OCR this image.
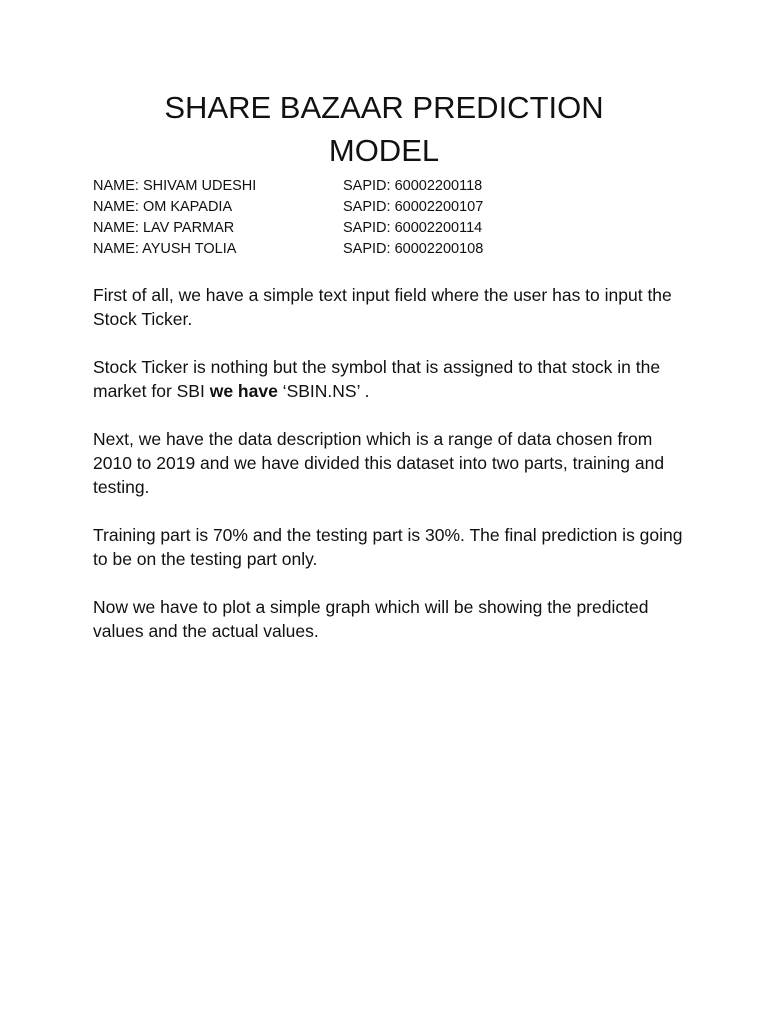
SHARE BAZAAR PREDICTION
MODEL
NAME: SHIVAM UDESHI	SAPID: 60002200118
NAME: OM KAPADIA	SAPID: 60002200107
NAME: LAV PARMAR	SAPID: 60002200114
NAME: AYUSH TOLIA	SAPID: 60002200108

First of all, we have a simple text input field where the user has to input the Stock Ticker.

Stock Ticker is nothing but the symbol that is assigned to that stock in the market for SBI we have ‘SBIN.NS’ .

Next, we have the data description which is a range of data chosen from 2010 to 2019 and we have divided this dataset into two parts, training and testing.

Training part is 70% and the testing part is 30%. The final prediction is going to be on the testing part only.

Now we have to plot a simple graph which will be showing the predicted values and the actual values.
